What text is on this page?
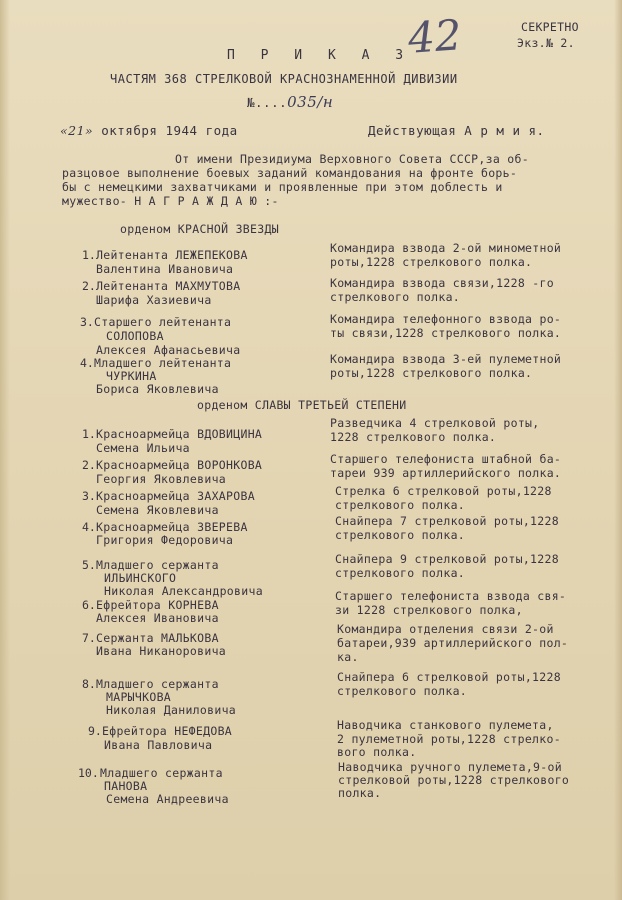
СЕКРЕТНО
Экз.№ 2.
42
П Р И К А З
ЧАСТЯМ 368 СТРЕЛКОВОЙ КРАСНОЗНАМЕННОЙ ДИВИЗИИ
№....035/н
«21» октября 1944 года	Действующая А р м и я.
От имени Президиума Верховного Совета СССР,за об-
разцовое выполнение боевых заданий командования на фронте борь-
бы с немецкими захватчиками и проявленные при этом доблесть и
мужество- Н А Г Р А Ж Д А Ю :-
орденом КРАСНОЙ ЗВЕЗДЫ
1. Лейтенанта ЛЕЖЕПЕКОВА
Валентина Ивановича
Командира взвода 2-ой минометной
роты,1228 стрелкового полка.
2. Лейтенанта МАХМУТОВА
Шарифа Хазиевича
Командира взвода связи,1228 -го
стрелкового полка.
3. Старшего лейтенанта
СОЛОПОВА
Алексея Афанасьевича
Командира телефонного взвода ро-
ты связи,1228 стрелкового полка.
4. Младшего лейтенанта
ЧУРКИНА
Бориса Яковлевича
Командира взвода 3-ей пулеметной
роты,1228 стрелкового полка.
орденом СЛАВЫ ТРЕТЬЕЙ СТЕПЕНИ
1. Красноармейца ВДОВИЦИНА
Семена Ильича
Разведчика 4 стрелковой роты,
1228 стрелкового полка.
2. Красноармейца ВОРОНКОВА
Георгия Яковлевича
Старшего телефониста штабной ба-
тареи 939 артиллерийского полка.
3. Красноармейца ЗАХАРОВА
Семена Яковлевича
Стрелка 6 стрелковой роты,1228
стрелкового полка.
4. Красноармейца ЗВЕРЕВА
Григория Федоровича
Снайпера 7 стрелковой роты,1228
стрелкового полка.
5. Младшего сержанта
ИЛЬИНСКОГО
Николая Александровича
Снайпера 9 стрелковой роты,1228
стрелкового полка.
6. Ефрейтора КОРНЕВА
Алексея Ивановича
Старшего телефониста взвода свя-
зи 1228 стрелкового полка,
7. Сержанта МАЛЬКОВА
Ивана Никаноровича
Командира отделения связи 2-ой
батареи,939 артиллерийского пол-
ка.
8. Младшего сержанта
МАРЫЧКОВА
Николая Даниловича
Снайпера 6 стрелковой роты,1228
стрелкового полка.
9. Ефрейтора НЕФЕДОВА
Ивана Павловича
Наводчика станкового пулемета,
2 пулеметной роты,1228 стрелко-
вого полка.
10. Младшего сержанта
ПАНОВА
Семена Андреевича
Наводчика ручного пулемета,9-ой
стрелковой роты,1228 стрелкового
полка.
